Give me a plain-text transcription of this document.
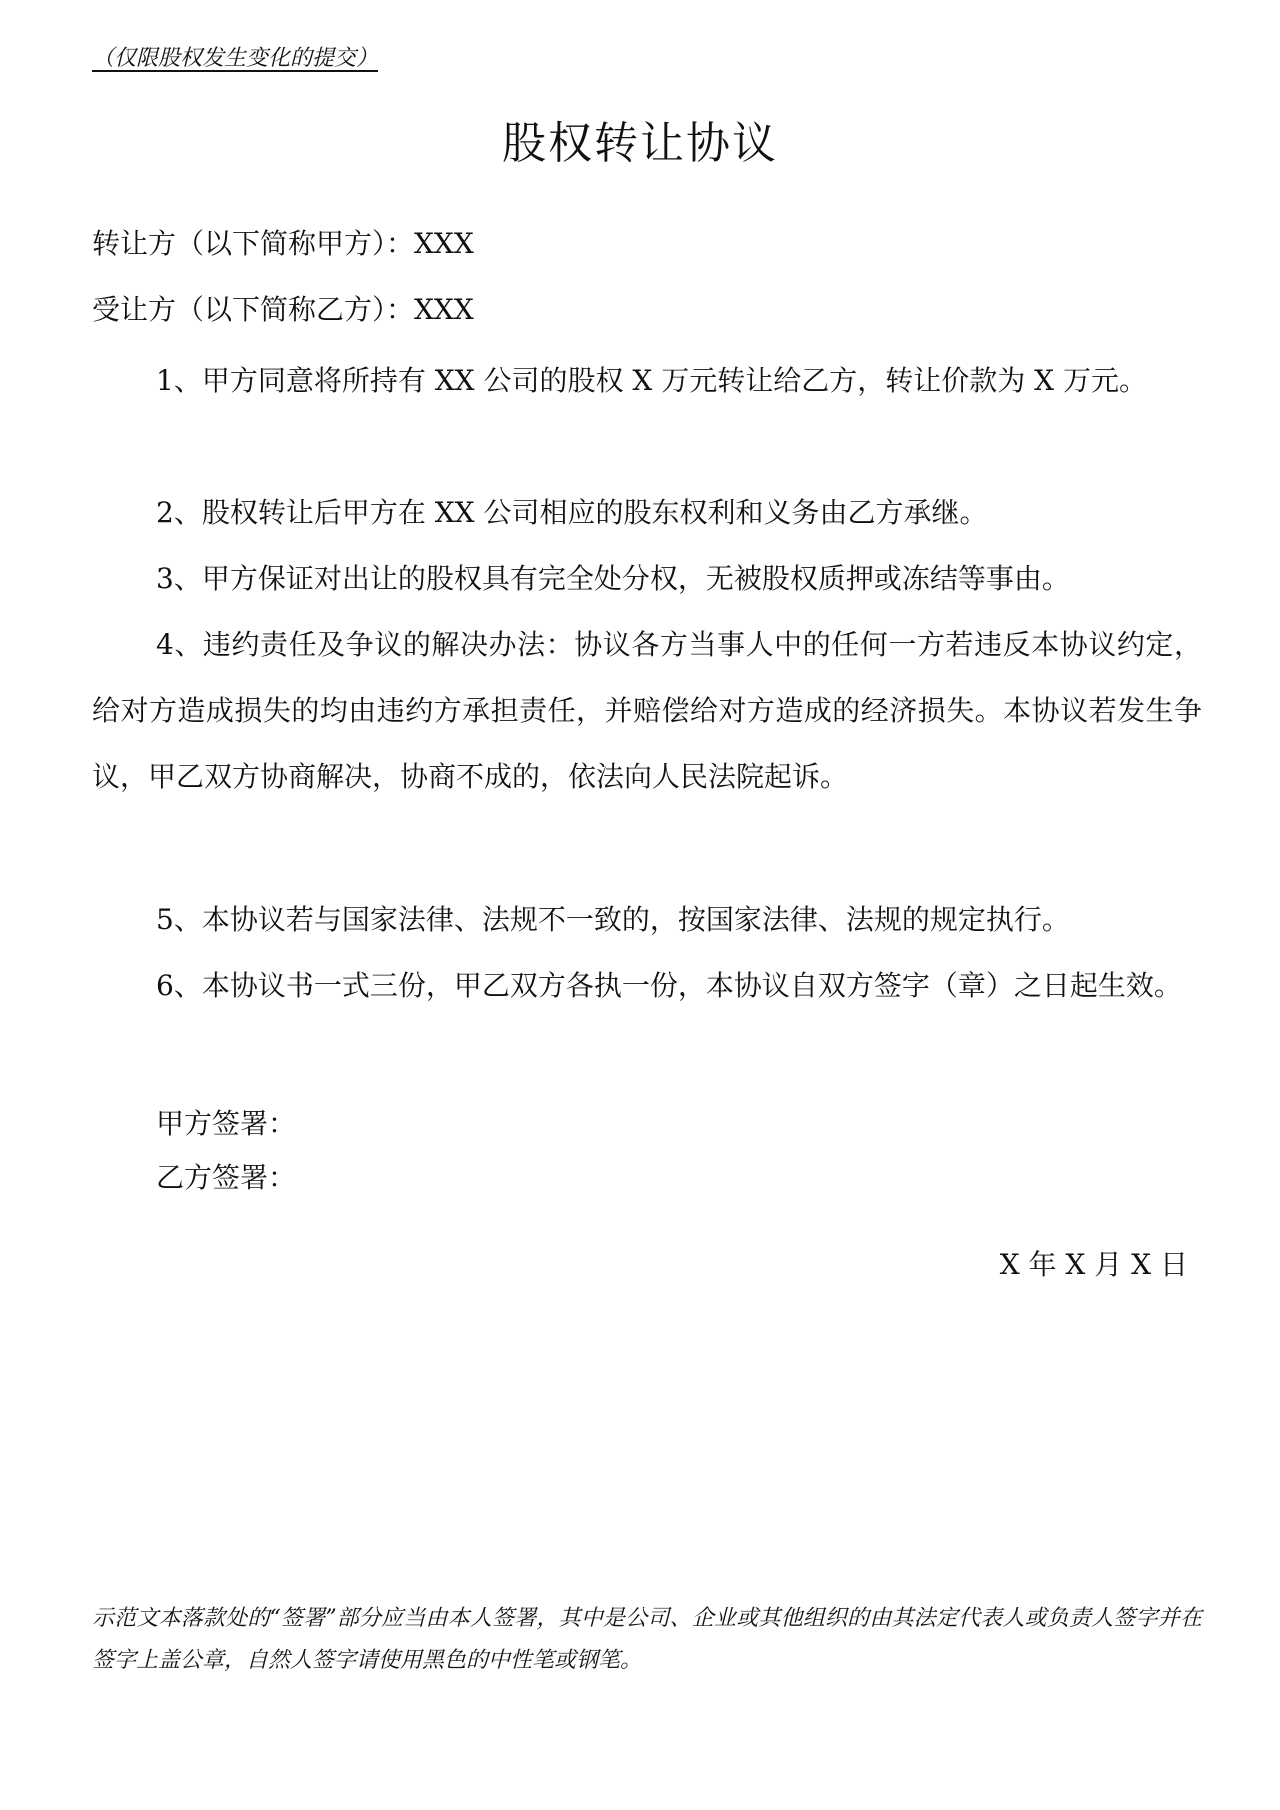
（仅限股权发生变化的提交）
股权转让协议
转让方（以下简称甲方）：XXX
受让方（以下简称乙方）：XXX

1、甲方同意将所持有 XX 公司的股权 X 万元转让给乙方，转让价款为 X 万元。

2、股权转让后甲方在 XX 公司相应的股东权利和义务由乙方承继。

3、甲方保证对出让的股权具有完全处分权，无被股权质押或冻结等事由。

4、违约责任及争议的解决办法：协议各方当事人中的任何一方若违反本协议约定，给对方造成损失的均由违约方承担责任，并赔偿给对方造成的经济损失。本协议若发生争议，甲乙双方协商解决，协商不成的，依法向人民法院起诉。

5、本协议若与国家法律、法规不一致的，按国家法律、法规的规定执行。

6、本协议书一式三份，甲乙双方各执一份，本协议自双方签字（章）之日起生效。

甲方签署：
乙方签署：
X 年 X 月 X 日

示范文本落款处的“签署”部分应当由本人签署，其中是公司、企业或其他组织的由其法定代表人或负责人签字并在签字上盖公章，自然人签字请使用黑色的中性笔或钢笔。
